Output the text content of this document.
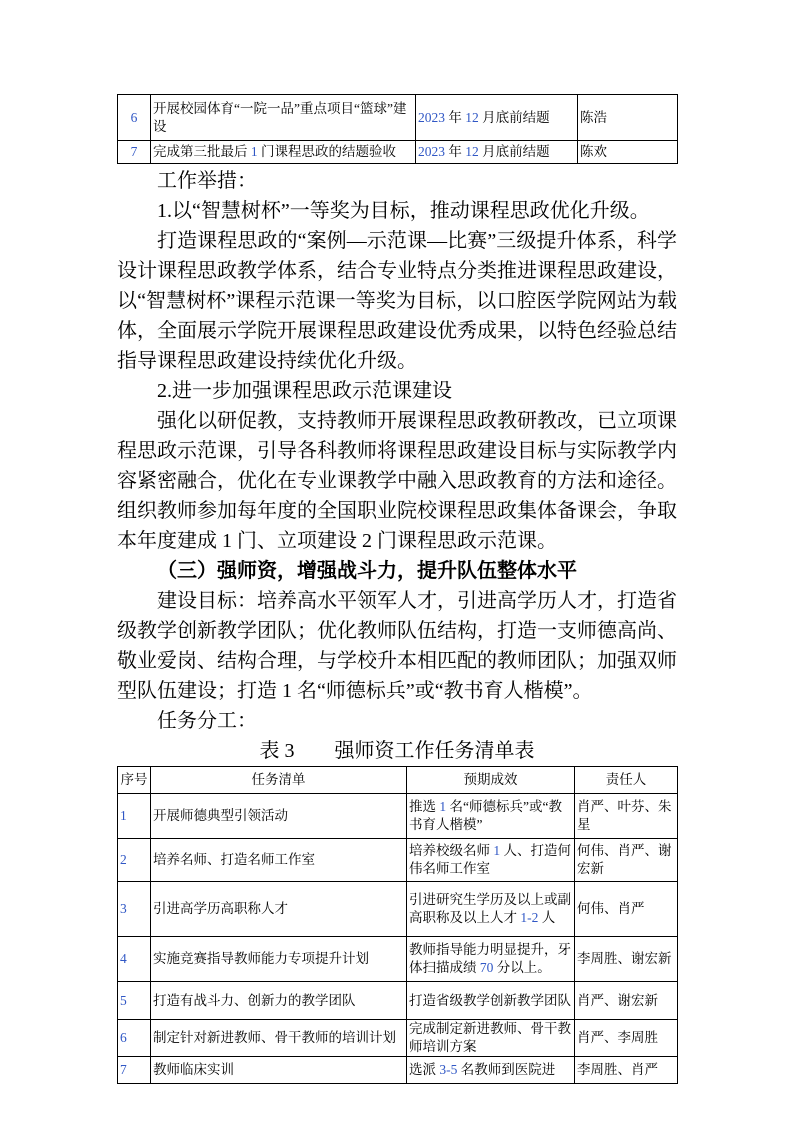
6	开展校园体育“一院一品”重点项目“篮球”建设	2023 年 12 月底前结题	陈浩
7	完成第三批最后 1 门课程思政的结题验收	2023 年 12 月底前结题	陈欢

工作举措：

1.以“智慧树杯”一等奖为目标，推动课程思政优化升级。

打造课程思政的“案例—示范课—比赛”三级提升体系，科学设计课程思政教学体系，结合专业特点分类推进课程思政建设，以“智慧树杯”课程示范课一等奖为目标，以口腔医学院网站为载体，全面展示学院开展课程思政建设优秀成果，以特色经验总结指导课程思政建设持续优化升级。

2.进一步加强课程思政示范课建设

强化以研促教，支持教师开展课程思政教研教改，已立项课程思政示范课，引导各科教师将课程思政建设目标与实际教学内容紧密融合，优化在专业课教学中融入思政教育的方法和途径。组织教师参加每年度的全国职业院校课程思政集体备课会，争取本年度建成 1 门、立项建设 2 门课程思政示范课。

（三）强师资，增强战斗力，提升队伍整体水平

建设目标：培养高水平领军人才，引进高学历人才，打造省级教学创新教学团队；优化教师队伍结构，打造一支师德高尚、敬业爱岗、结构合理，与学校升本相匹配的教师团队；加强双师型队伍建设；打造 1 名“师德标兵”或“教书育人楷模”。

任务分工：

表 3　　强师资工作任务清单表

序号	任务清单	预期成效	责任人
1	开展师德典型引领活动	推选 1 名“师德标兵”或“教书育人楷模”	肖严、叶芬、朱星
2	培养名师、打造名师工作室	培养校级名师 1 人、打造何伟名师工作室	何伟、肖严、谢宏新
3	引进高学历高职称人才	引进研究生学历及以上或副高职称及以上人才 1-2 人	何伟、肖严
4	实施竞赛指导教师能力专项提升计划	教师指导能力明显提升，牙体扫描成绩 70 分以上。	李周胜、谢宏新
5	打造有战斗力、创新力的教学团队	打造省级教学创新教学团队	肖严、谢宏新
6	制定针对新进教师、骨干教师的培训计划	完成制定新进教师、骨干教师培训方案	肖严、李周胜
7	教师临床实训	选派 3-5 名教师到医院进	李周胜、肖严
